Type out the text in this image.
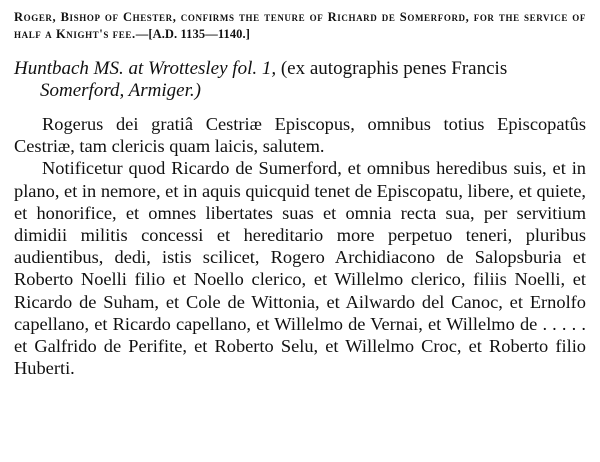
Roger, Bishop of Chester, confirms the tenure of Richard de Somerford, for the service of half a Knight's fee.—[A.D. 1135—1140.]
Huntbach MS. at Wrottesley fol. 1, (ex autographis penes Francis
Somerford, Armiger.)

Rogerus dei gratiâ Cestriæ Episcopus, omnibus totius Episcopatûs Cestriæ, tam clericis quam laicis, salutem.

Notificetur quod Ricardo de Sumerford, et omnibus heredibus suis, et in plano, et in nemore, et in aquis quicquid tenet de Episcopatu, libere, et quiete, et honorifice, et omnes libertates suas et omnia recta sua, per servitium dimidii militis concessi et hereditario more perpetuo teneri, pluribus audientibus, dedi, istis scilicet, Rogero Archidiacono de Salopsburia et Roberto Noelli filio et Noello clerico, et Willelmo clerico, filiis Noelli, et Ricardo de Suham, et Cole de Wittonia, et Ailwardo del Canoc, et Ernolfo capellano, et Ricardo capellano, et Willelmo de Vernai, et Willelmo de . . . . . et Galfrido de Perifite, et Roberto Selu, et Willelmo Croc, et Roberto filio Huberti.
